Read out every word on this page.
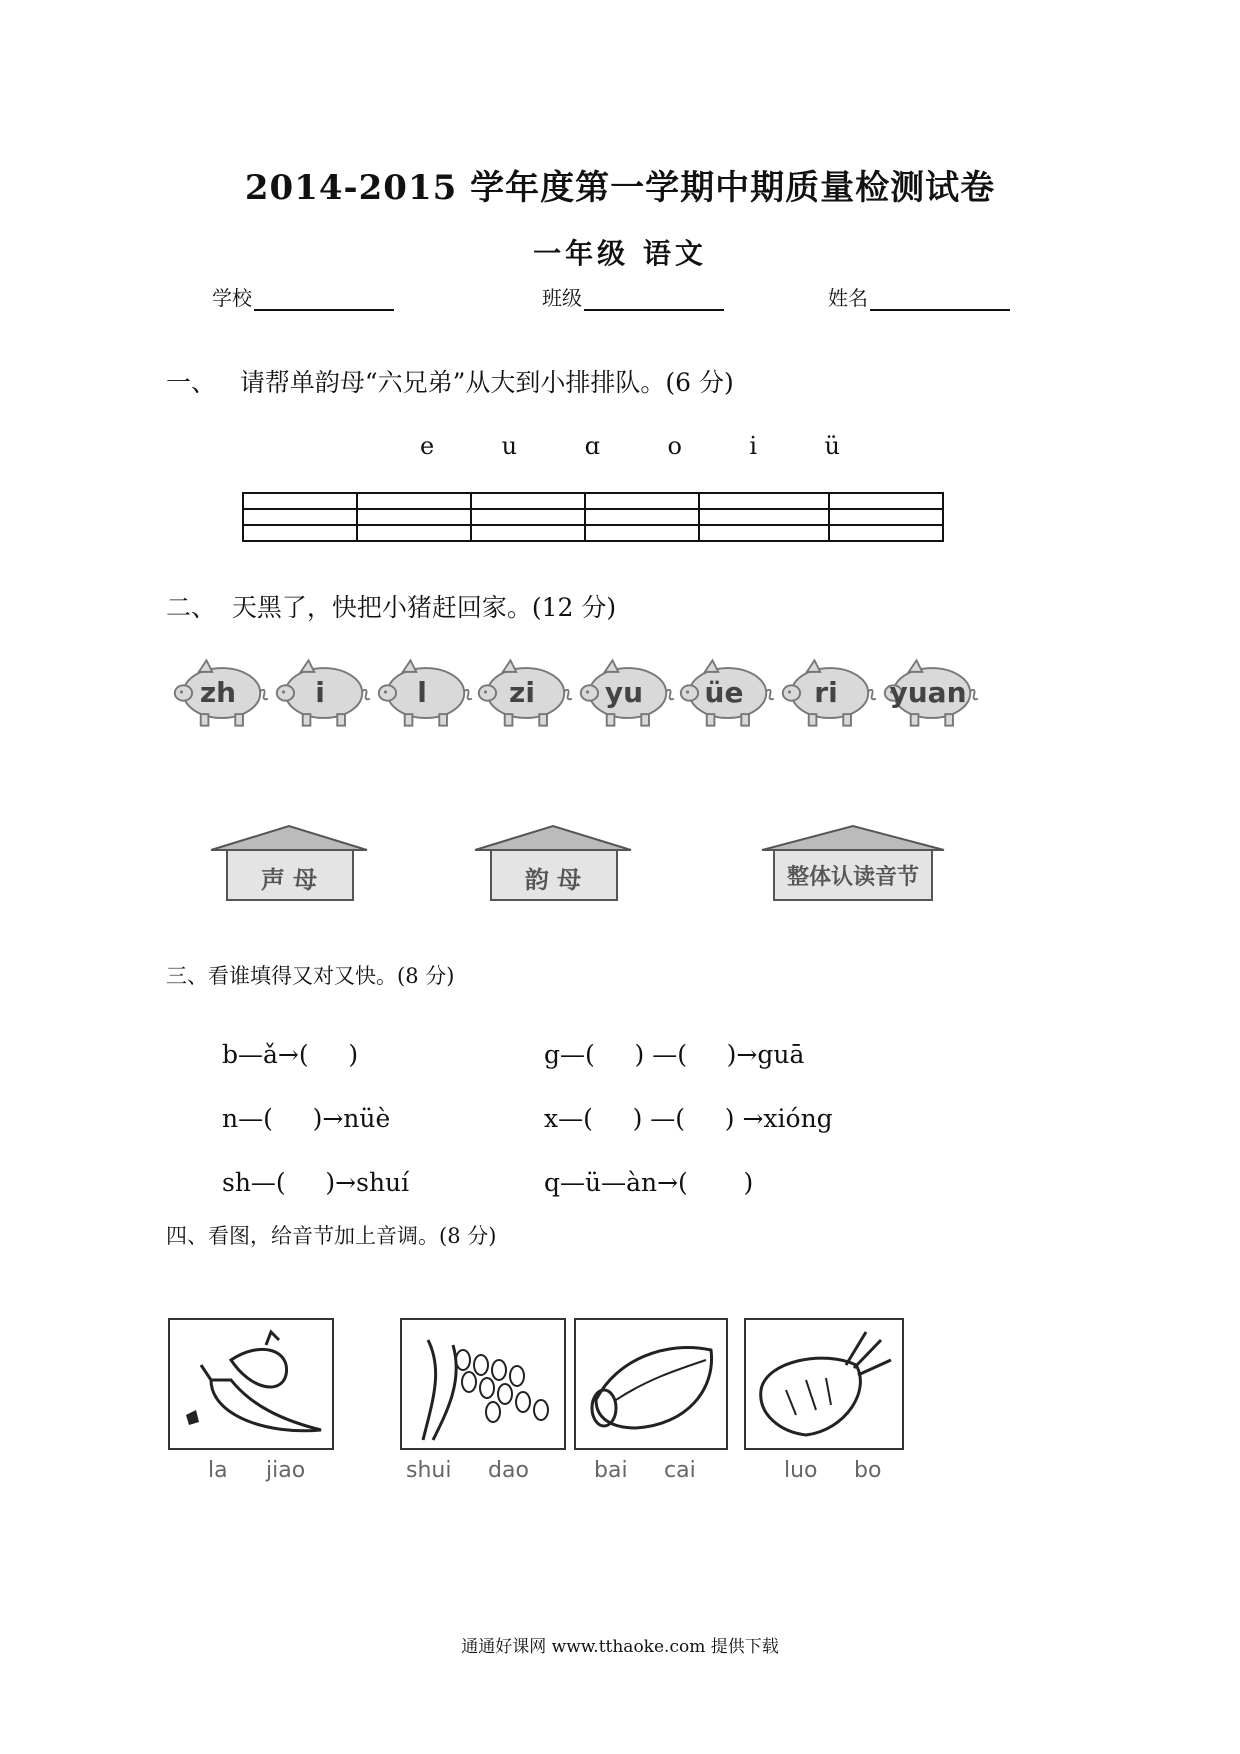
2014-2015 学年度第一学期中期质量检测试卷
一年级 语文
学校	班级	姓名
一、   请帮单韵母“六兄弟”从大到小排排队。(6 分)
e	u	ɑ	o	i	ü

二、  天黑了，快把小猪赶回家。(12 分)
声 母	韵 母	整体认读音节
三、看谁填得又对又快。(8 分)
b—ǎ→(     )	g—(     ) —(     )→guā
n—(     )→nüè	x—(     ) —(     ) →xióng
sh—(     )→shuí	q—ü—àn→(       )
四、看图，给音节加上音调。(8 分)
la jiao	shui dao	bai cai	luo bo
通通好课网 www.tthaoke.com 提供下载
zh	i	l	zi	yu	üe	ri	yuan
